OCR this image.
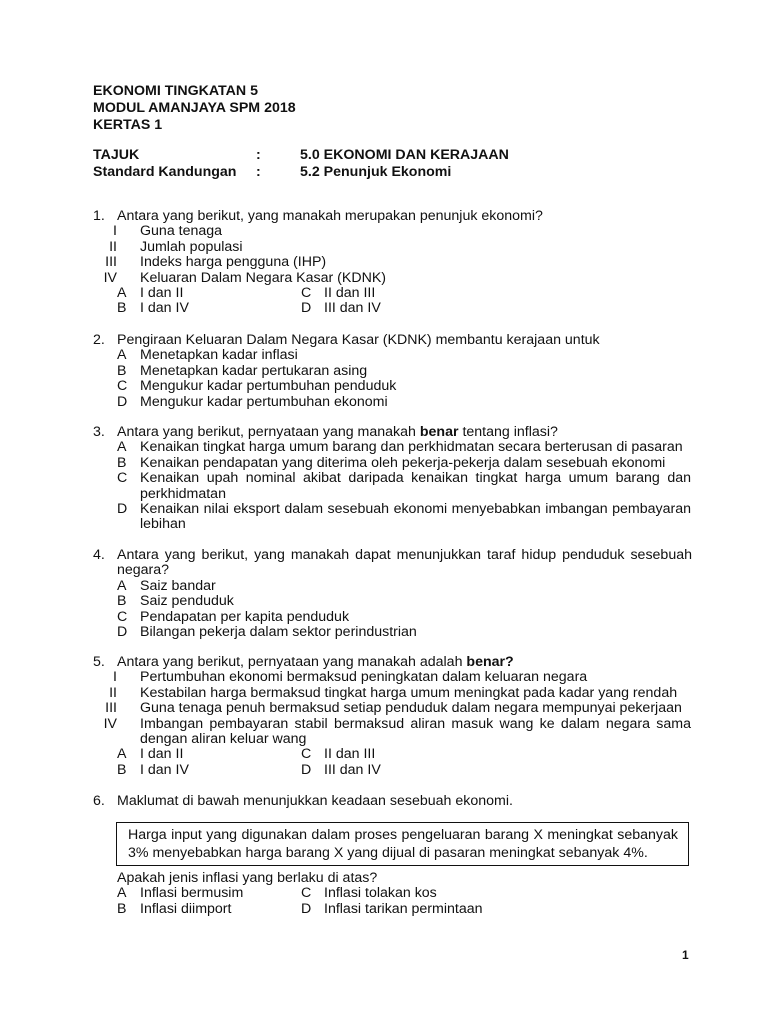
EKONOMI TINGKATAN 5
MODUL AMANJAYA SPM 2018
KERTAS 1
TAJUK	:	5.0 EKONOMI DAN KERAJAAN
Standard Kandungan :	5.2 Penunjuk Ekonomi
1. Antara yang berikut, yang manakah merupakan penunjuk ekonomi?
I Guna tenaga
II Jumlah populasi
III Indeks harga pengguna (IHP)
IV Keluaran Dalam Negara Kasar (KDNK)
A I dan II	C II dan III
B I dan IV	D III dan IV
2. Pengiraan Keluaran Dalam Negara Kasar (KDNK) membantu kerajaan untuk
A Menetapkan kadar inflasi
B Menetapkan kadar pertukaran asing
C Mengukur kadar pertumbuhan penduduk
D Mengukur kadar pertumbuhan ekonomi
3. Antara yang berikut, pernyataan yang manakah benar tentang inflasi?
A Kenaikan tingkat harga umum barang dan perkhidmatan secara berterusan di pasaran
B Kenaikan pendapatan yang diterima oleh pekerja-pekerja dalam sesebuah ekonomi
C Kenaikan upah nominal akibat daripada kenaikan tingkat harga umum barang dan
perkhidmatan
D Kenaikan nilai eksport dalam sesebuah ekonomi menyebabkan imbangan pembayaran
lebihan
4. Antara yang berikut, yang manakah dapat menunjukkan taraf hidup penduduk sesebuah
negara?
A Saiz bandar
B Saiz penduduk
C Pendapatan per kapita penduduk
D Bilangan pekerja dalam sektor perindustrian
5. Antara yang berikut, pernyataan yang manakah adalah benar?
I Pertumbuhan ekonomi bermaksud peningkatan dalam keluaran negara
II Kestabilan harga bermaksud tingkat harga umum meningkat pada kadar yang rendah
III Guna tenaga penuh bermaksud setiap penduduk dalam negara mempunyai pekerjaan
IV Imbangan pembayaran stabil bermaksud aliran masuk wang ke dalam negara sama
dengan aliran keluar wang
A I dan II	C II dan III
B I dan IV	D III dan IV
6. Maklumat di bawah menunjukkan keadaan sesebuah ekonomi.
Harga input yang digunakan dalam proses pengeluaran barang X meningkat sebanyak
3% menyebabkan harga barang X yang dijual di pasaran meningkat sebanyak 4%.
Apakah jenis inflasi yang berlaku di atas?
A Inflasi bermusim	C Inflasi tolakan kos
B Inflasi diimport	D Inflasi tarikan permintaan
1
